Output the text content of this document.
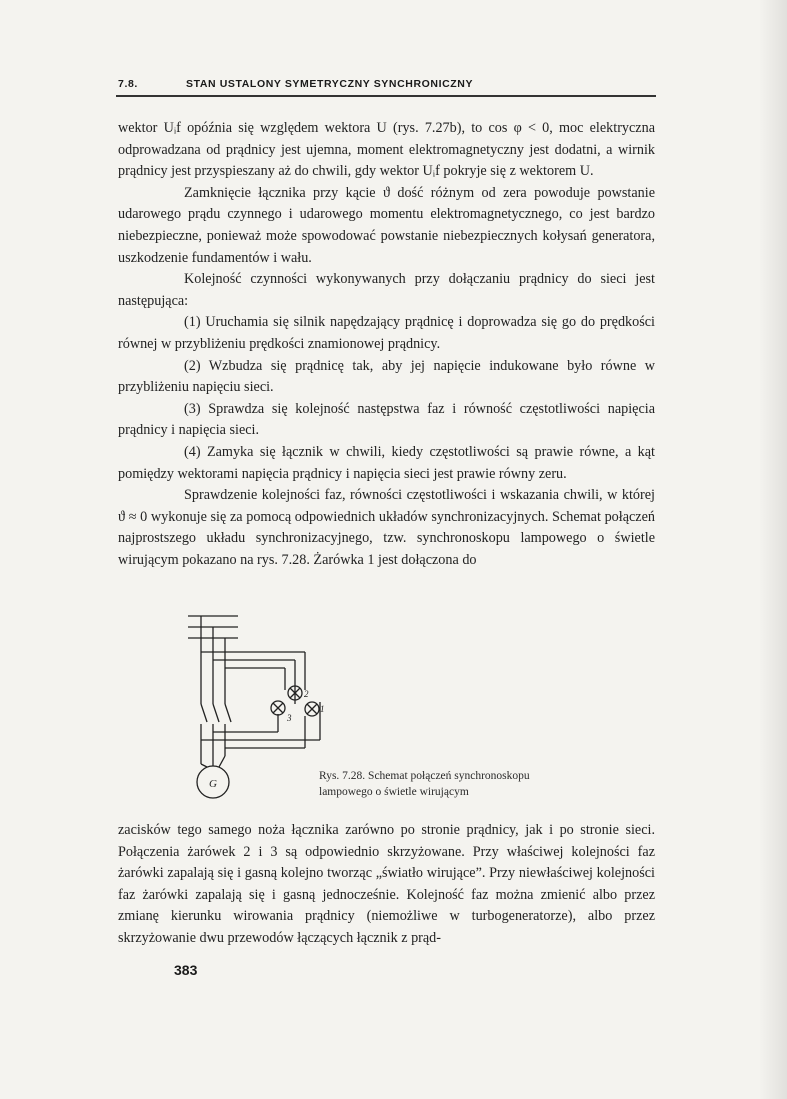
7.8.	STAN USTALONY SYMETRYCZNY SYNCHRONICZNY

wektor Uᵢf opóźnia się względem wektora U (rys. 7.27b), to cos φ < 0, moc elektryczna odprowadzana od prądnicy jest ujemna, moment elektromagnetyczny jest dodatni, a wirnik prądnicy jest przyspieszany aż do chwili, gdy wektor Uᵢf pokryje się z wektorem U.

Zamknięcie łącznika przy kącie ϑ dość różnym od zera powoduje powstanie udarowego prądu czynnego i udarowego momentu elektromagnetycznego, co jest bardzo niebezpieczne, ponieważ może spowodować powstanie niebezpiecznych kołysań generatora, uszkodzenie fundamentów i wału.

Kolejność czynności wykonywanych przy dołączaniu prądnicy do sieci jest następująca:

(1) Uruchamia się silnik napędzający prądnicę i doprowadza się go do prędkości równej w przybliżeniu prędkości znamionowej prądnicy.

(2) Wzbudza się prądnicę tak, aby jej napięcie indukowane było równe w przybliżeniu napięciu sieci.

(3) Sprawdza się kolejność następstwa faz i równość częstotliwości napięcia prądnicy i napięcia sieci.

(4) Zamyka się łącznik w chwili, kiedy częstotliwości są prawie równe, a kąt pomiędzy wektorami napięcia prądnicy i napięcia sieci jest prawie równy zeru.

Sprawdzenie kolejności faz, równości częstotliwości i wskazania chwili, w której ϑ ≈ 0 wykonuje się za pomocą odpowiednich układów synchronizacyjnych. Schemat połączeń najprostszego układu synchronizacyjnego, tzw. synchronoskopu lampowego o świetle wirującym pokazano na rys. 7.28. Żarówka 1 jest dołączona do

G
1
2
3
Rys. 7.28. Schemat połączeń synchronoskopu
lampowego o świetle wirującym

zacisków tego samego noża łącznika zarówno po stronie prądnicy, jak i po stronie sieci. Połączenia żarówek 2 i 3 są odpowiednio skrzyżowane. Przy właściwej kolejności faz żarówki zapalają się i gasną kolejno tworząc „światło wirujące”. Przy niewłaściwej kolejności faz żarówki zapalają się i gasną jednocześnie. Kolejność faz można zmienić albo przez zmianę kierunku wirowania prądnicy (niemożliwe w turbogeneratorze), albo przez skrzyżowanie dwu przewodów łączących łącznik z prąd-

383
